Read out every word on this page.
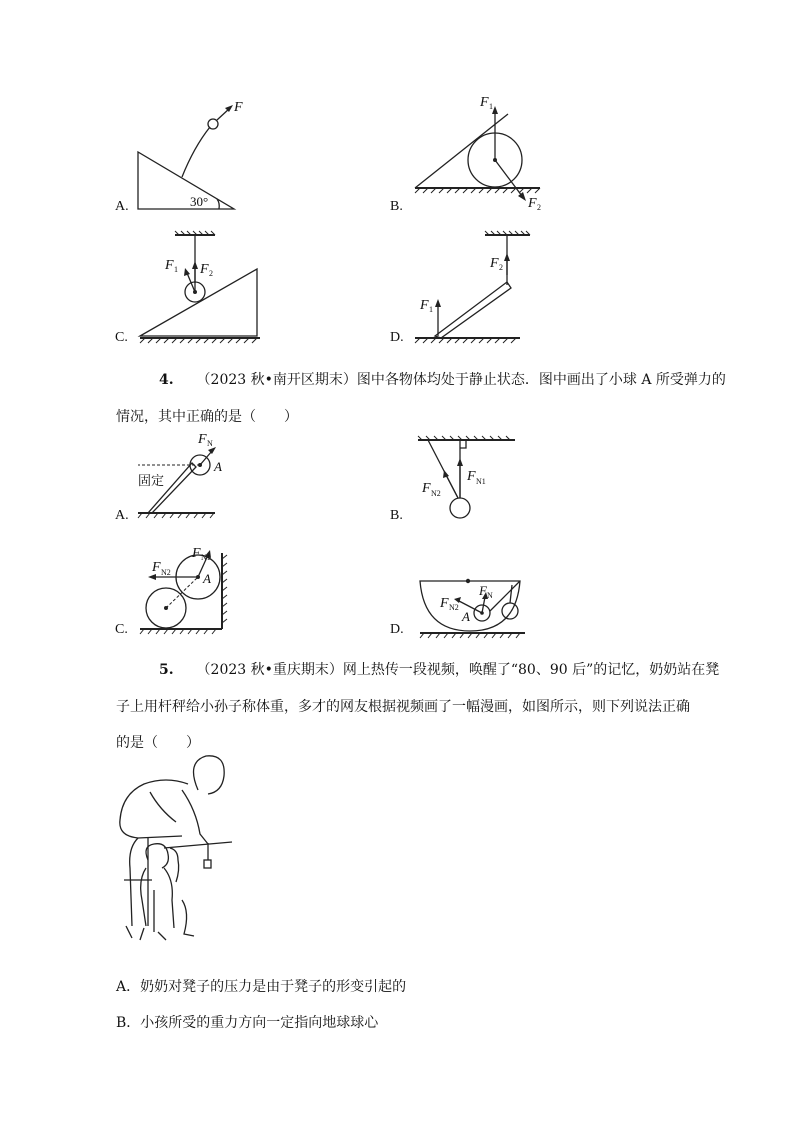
A.
F
30°	B.
F 1
F 2
C.
F 1 F 2
D.
F 1
F 2
4. （2023 秋•南开区期末）图中各物体均处于静止状态．图中画出了小球 A 所受弹力的
情况，其中正确的是（　　）
A.
F N
A
固定
B.
F N1
F N2
C.
F N1
F N2 A
D.
F N2
F N
A
5. （2023 秋•重庆期末）网上热传一段视频，唤醒了“80、90 后”的记忆，奶奶站在凳
子上用杆秤给小孙子称体重，多才的网友根据视频画了一幅漫画，如图所示，则下列说法正确
的是（　　）
A．奶奶对凳子的压力是由于凳子的形变引起的
B．小孩所受的重力方向一定指向地球球心
